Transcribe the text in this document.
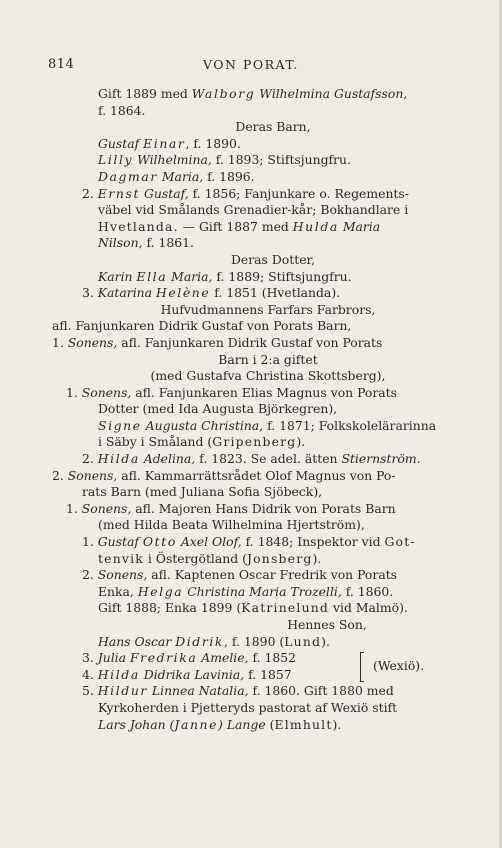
814	VON PORAT.
Gift 1889 med Walborg Wilhelmina Gustafsson,
f. 1864.
Deras Barn,
Gustaf Einar, f. 1890.
Lilly Wilhelmina, f. 1893; Stiftsjungfru.
Dagmar Maria, f. 1896.
2. Ernst Gustaf, f. 1856; Fanjunkare o. Regements-
väbel vid Smålands Grenadier-kår; Bokhandlare i
Hvetlanda. — Gift 1887 med Hulda Maria
Nilson, f. 1861.
Deras Dotter,
Karin Ella Maria, f. 1889; Stiftsjungfru.
3. Katarina Helène f. 1851 (Hvetlanda).
Hufvudmannens Farfars Farbrors,
afl. Fanjunkaren Didrik Gustaf von Porats Barn,
1. Sonens, afl. Fanjunkaren Didrik Gustaf von Porats
Barn i 2:a giftet
(med Gustafva Christina Skottsberg),
1. Sonens, afl. Fanjunkaren Elias Magnus von Porats
Dotter (med Ida Augusta Björkegren),
Signe Augusta Christina, f. 1871; Folkskolelärarinna
i Säby i Småland (Gripenberg).
2. Hilda Adelina, f. 1823. Se adel. ätten Stiernström.
2. Sonens, afl. Kammarrättsrådet Olof Magnus von Po-
rats Barn (med Juliana Sofia Sjöbeck),
1. Sonens, afl. Majoren Hans Didrik von Porats Barn
(med Hilda Beata Wilhelmina Hjertström),
1. Gustaf Otto Axel Olof, f. 1848; Inspektor vid Got-
tenvik i Östergötland (Jonsberg).
2. Sonens, afl. Kaptenen Oscar Fredrik von Porats
Enka, Helga Christina Maria Trozelli, f. 1860.
Gift 1888; Enka 1899 (Katrinelund vid Malmö).
Hennes Son,
Hans Oscar Didrik, f. 1890 (Lund).
3. Julia Fredrika Amelie, f. 1852
4. Hilda Didrika Lavinia, f. 1857
(Wexiö).
5. Hildur Linnea Natalia, f. 1860. Gift 1880 med
Kyrkoherden i Pjetteryds pastorat af Wexiö stift
Lars Johan (Janne) Lange (Elmhult).
